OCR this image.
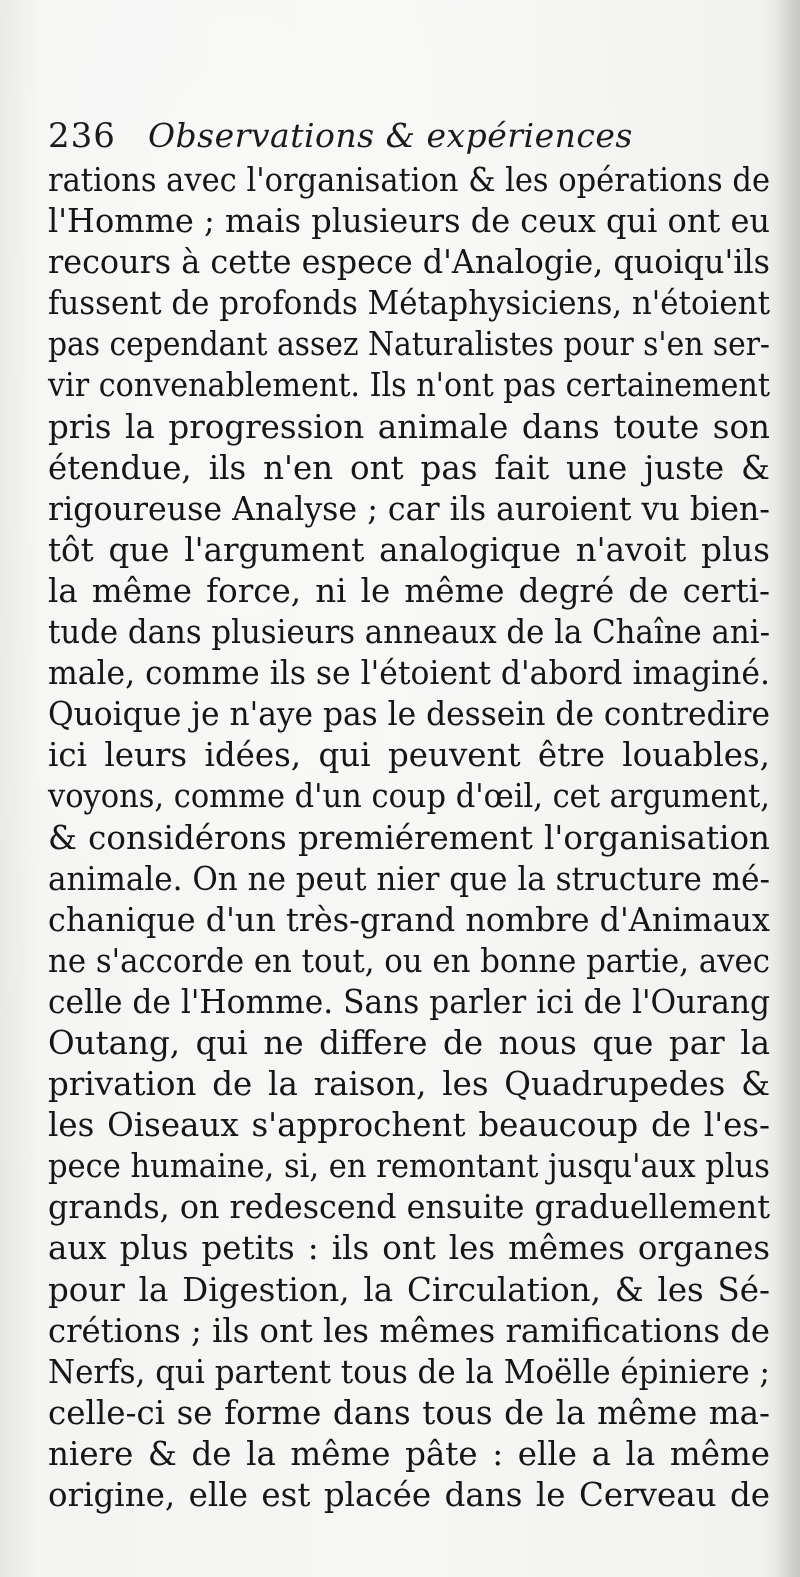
236 Observations & expériences
rations avec l'organisation & les opérations de
l'Homme ; mais plusieurs de ceux qui ont eu
recours à cette espece d'Analogie, quoiqu'ils
fussent de profonds Métaphysiciens, n'étoient
pas cependant assez Naturalistes pour s'en ser-
vir convenablement. Ils n'ont pas certainement
pris la progression animale dans toute son
étendue, ils n'en ont pas fait une juste &
rigoureuse Analyse ; car ils auroient vu bien-
tôt que l'argument analogique n'avoit plus
la même force, ni le même degré de certi-
tude dans plusieurs anneaux de la Chaîne ani-
male, comme ils se l'étoient d'abord imaginé.
Quoique je n'aye pas le dessein de contredire
ici leurs idées, qui peuvent être louables,
voyons, comme d'un coup d'œil, cet argument,
& considérons premiérement l'organisation
animale. On ne peut nier que la structure mé-
chanique d'un très-grand nombre d'Animaux
ne s'accorde en tout, ou en bonne partie, avec
celle de l'Homme. Sans parler ici de l'Ourang
Outang, qui ne differe de nous que par la
privation de la raison, les Quadrupedes &
les Oiseaux s'approchent beaucoup de l'es-
pece humaine, si, en remontant jusqu'aux plus
grands, on redescend ensuite graduellement
aux plus petits : ils ont les mêmes organes
pour la Digestion, la Circulation, & les Sé-
crétions ; ils ont les mêmes ramifications de
Nerfs, qui partent tous de la Moëlle épiniere ;
celle-ci se forme dans tous de la même ma-
niere & de la même pâte : elle a la même
origine, elle est placée dans le Cerveau de
